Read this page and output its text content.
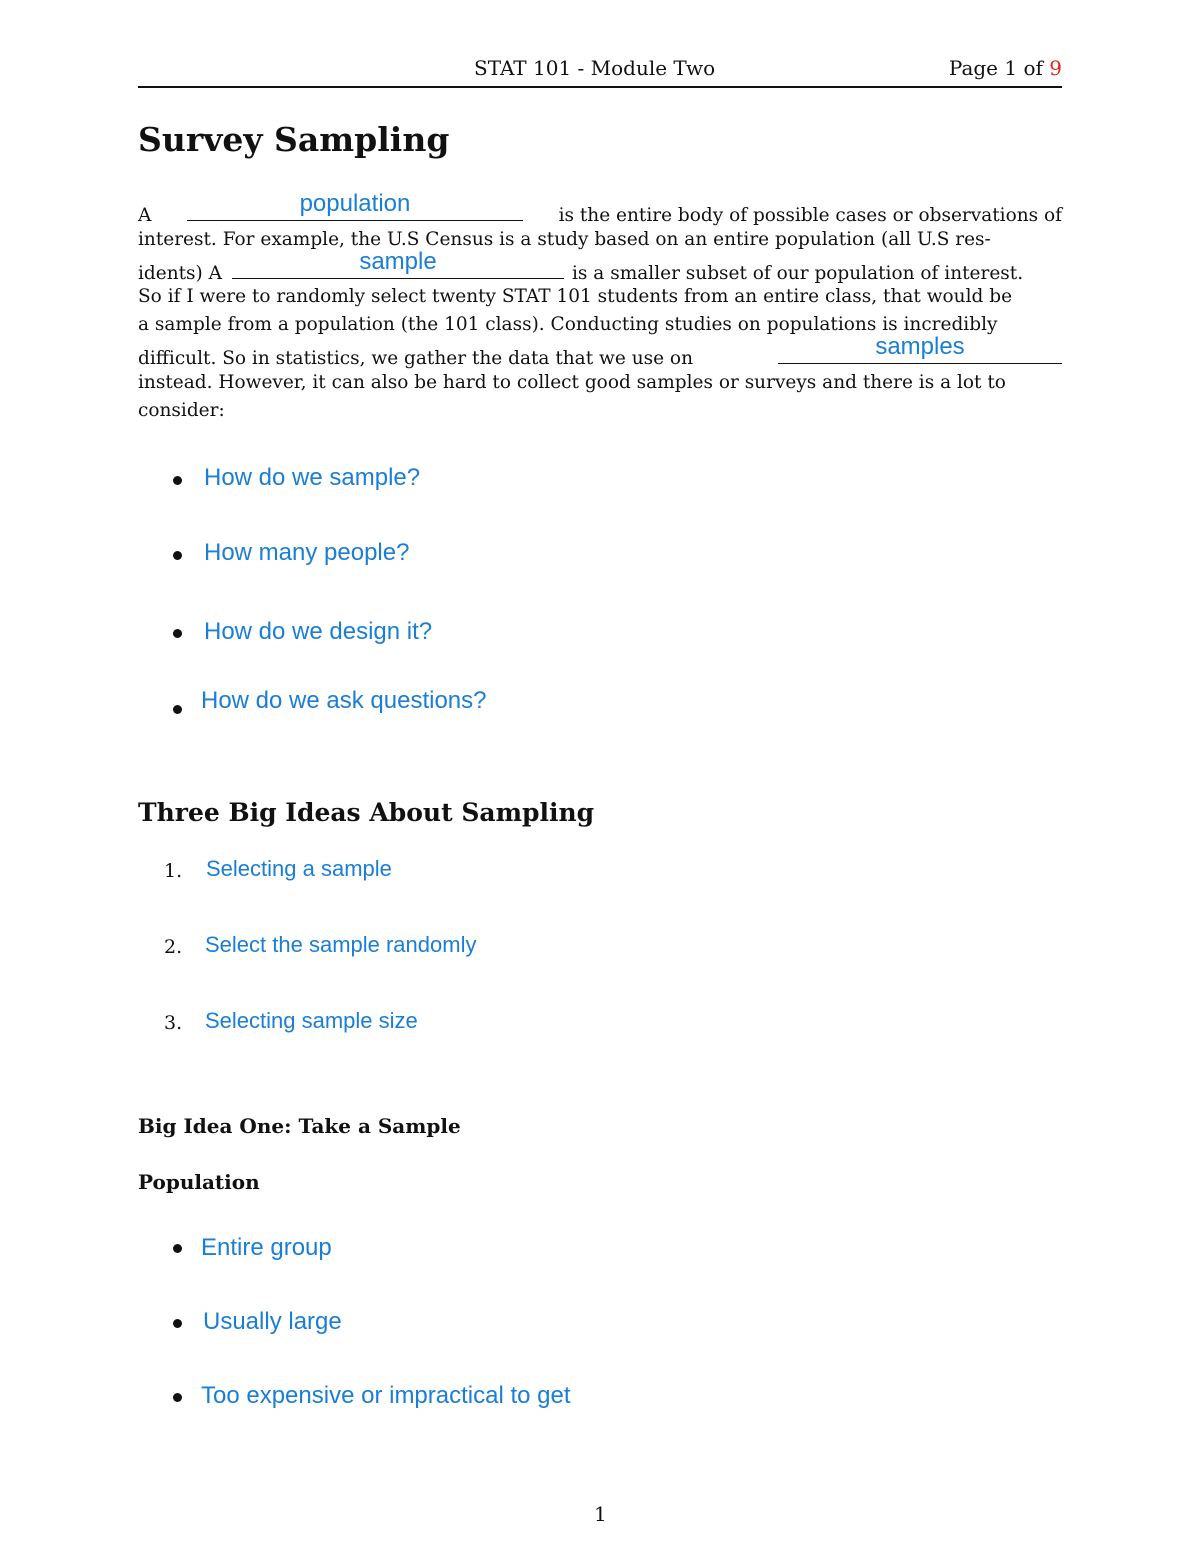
STAT 101 - Module Two	Page 1 of 9
Survey Sampling
A	population	is the entire body of possible cases or observations of
interest. For example, the U.S Census is a study based on an entire population (all U.S res-
idents) A	sample	is a smaller subset of our population of interest.
So if I were to randomly select twenty STAT 101 students from an entire class, that would be
a sample from a population (the 101 class). Conducting studies on populations is incredibly
difficult. So in statistics, we gather the data that we use on	samples
instead. However, it can also be hard to collect good samples or surveys and there is a lot to
consider:
How do we sample?
How many people?
How do we design it?
How do we ask questions?
Three Big Ideas About Sampling
1. Selecting a sample
2. Select the sample randomly
3. Selecting sample size
Big Idea One: Take a Sample
Population
Entire group
Usually large
Too expensive or impractical to get
1
